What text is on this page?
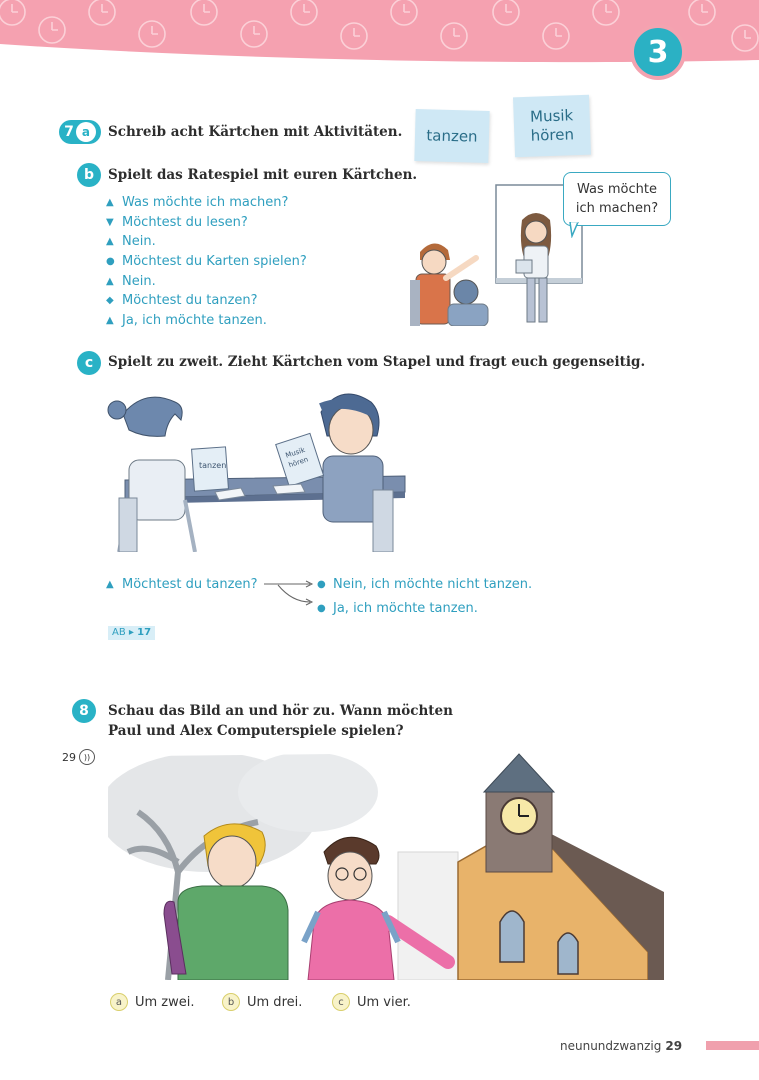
3
7 a	Schreib acht Kärtchen mit Aktivitäten. tanzen
Musik
hören
b Spielt das Ratespiel mit euren Kärtchen.
▲ Was möchte ich machen?
▼ Möchtest du lesen?
▲ Nein.
● Möchtest du Karten spielen?
▲ Nein.
◆ Möchtest du tanzen?
▲ Ja, ich möchte tanzen.
Was möchte
ich machen?
c Spielt zu zweit. Zieht Kärtchen vom Stapel und fragt euch gegenseitig.
tanzen
Musik
hören
▲ Möchtest du tanzen?	● Nein, ich möchte nicht tanzen.
● Ja, ich möchte tanzen.
AB ▸ 17
8 Schau das Bild an und hör zu. Wann möchten
Paul und Alex Computerspiele spielen?
29 ))
a Um zwei.	b Um drei.	c	Um vier.
neunundzwanzig 29
